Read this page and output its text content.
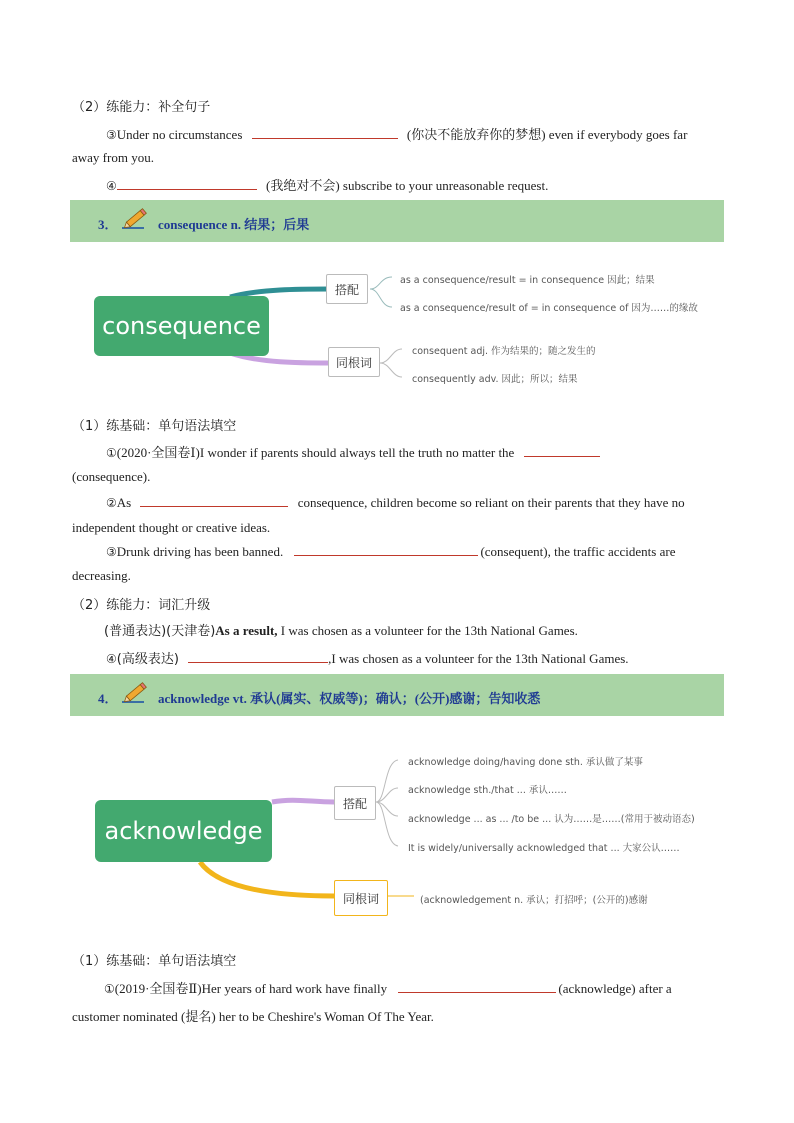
（2）练能力：补全句子
③Under no circumstances	(你决不能放弃你的梦想) even if everybody goes far
away from you.
④	(我绝对不会) subscribe to your unreasonable request.
3．	consequence n. 结果；后果
consequence
搭配
同根词
as a consequence/result = in consequence 因此；结果
as a consequence/result of = in consequence of 因为……的缘故
consequent adj. 作为结果的；随之发生的
consequently adv. 因此；所以；结果
（1）练基础：单句语法填空
①(2020·全国卷Ⅰ)I wonder if parents should always tell the truth no matter the
(consequence).
②As	consequence, children become so reliant on their parents that they have no
independent thought or creative ideas.
③Drunk driving has been banned.	(consequent), the traffic accidents are
decreasing.
（2）练能力：词汇升级
(普通表达)(天津卷)As a result, I was chosen as a volunteer for the 13th National Games.
④(高级表达)	,I was chosen as a volunteer for the 13th National Games.
4．	acknowledge vt. 承认(属实、权威等)；确认；(公开)感谢；告知收悉
acknowledge
搭配
同根词
acknowledge doing/having done sth. 承认做了某事
acknowledge sth./that ... 承认……
acknowledge ... as ... /to be ... 认为……是……(常用于被动语态)
It is widely/universally acknowledged that ... 大家公认……
(acknowledgement n. 承认；打招呼；(公开的)感谢
（1）练基础：单句语法填空
①(2019·全国卷Ⅱ)Her years of hard work have finally	(acknowledge) after a
customer nominated (提名) her to be Cheshire's Woman Of The Year.
